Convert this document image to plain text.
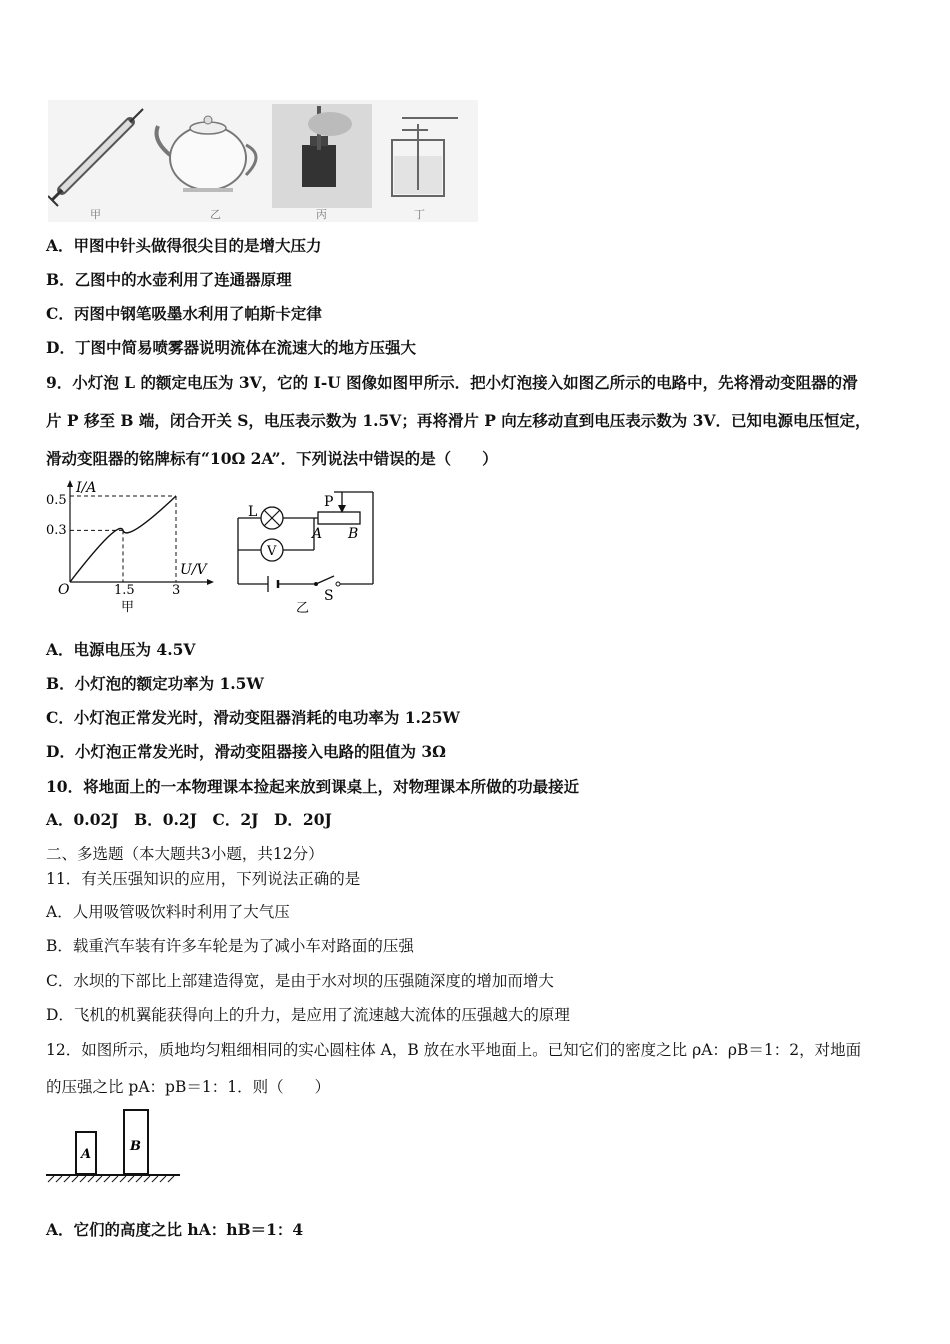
甲	乙	丙	丁
A．甲图中针头做得很尖目的是增大压力
B．乙图中的水壶利用了连通器原理
C．丙图中钢笔吸墨水利用了帕斯卡定律
D．丁图中简易喷雾器说明流体在流速大的地方压强大
9．小灯泡 L 的额定电压为 3V，它的 I-U 图像如图甲所示．把小灯泡接入如图乙所示的电路中，先将滑动变阻器的滑
片 P 移至 B 端，闭合开关 S，电压表示数为 1.5V；再将滑片 P 向左移动直到电压表示数为 3V．已知电源电压恒定，
滑动变阻器的铭牌标有“10Ω 2A”．下列说法中错误的是（　　）
I/A
U/V
O
0.5
0.3
1.5	3
甲
V
L
P
A B
S
乙
A．电源电压为 4.5V
B．小灯泡的额定功率为 1.5W
C．小灯泡正常发光时，滑动变阻器消耗的电功率为 1.25W
D．小灯泡正常发光时，滑动变阻器接入电路的阻值为 3Ω
10．将地面上的一本物理课本捡起来放到课桌上，对物理课本所做的功最接近
A．0.02J　B．0.2J　C．2J　D．20J
二、多选题（本大题共3小题，共12分）
11．有关压强知识的应用，下列说法正确的是
A．人用吸管吸饮料时利用了大气压
B．载重汽车装有许多车轮是为了减小车对路面的压强
C．水坝的下部比上部建造得宽，是由于水对坝的压强随深度的增加而增大
D．飞机的机翼能获得向上的升力，是应用了流速越大流体的压强越大的原理
12．如图所示，质地均匀粗细相同的实心圆柱体 A，B 放在水平地面上。已知它们的密度之比 ρA：ρB＝1：2，对地面
的压强之比 pA：pB＝1：1．则（　　）
A
B
A．它们的高度之比 hA：hB＝1：4
